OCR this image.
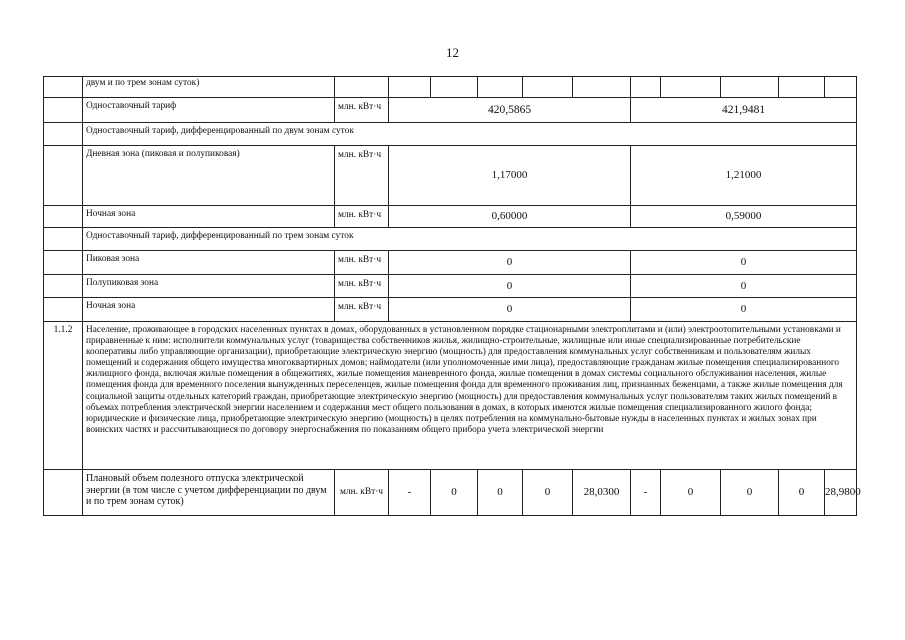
12
	двум и по трем зонам суток)											
	Одноставочный тариф	млн. кВт·ч	420,5865					421,9481				
	Одноставочный тариф, дифференцированный по двум зонам суток											
	Дневная зона (пиковая и полупиковая)	млн. кВт·ч	1,17000					1,21000				
	Ночная зона	млн. кВт·ч	0,60000					0,59000				
	Одноставочный тариф, дифференцированный по трем зонам суток											
	Пиковая зона	млн. кВт·ч	0					0				
	Полупиковая зона	млн. кВт·ч	0					0				
	Ночная зона	млн. кВт·ч	0					0				
1.1.2	Население, проживающее в городских населенных пунктах в домах, оборудованных в установленном порядке стационарными электроплитами и (или) электроотопительными установками и приравненные к ним: исполнители коммунальных услуг (товарищества собственников жилья, жилищно-строительные, жилищные или иные специализированные потребительские кооперативы либо управляющие организации), приобретающие электрическую энергию (мощность) для предоставления коммунальных услуг собственникам и пользователям жилых помещений и содержания общего имущества многоквартирных домов; наймодатели (или уполномоченные ими лица), предоставляющие гражданам жилые помещения специализированного жилищного фонда, включая жилые помещения в общежитиях, жилые помещения маневренного фонда, жилые помещения в домах системы социального обслуживания населения, жилые помещения фонда для временного поселения вынужденных переселенцев, жилые помещения фонда для временного проживания лиц, признанных беженцами, а также жилые помещения для социальной защиты отдельных категорий граждан, приобретающие электрическую энергию (мощность) для предоставления коммунальных услуг пользователям таких жилых помещений в объемах потребления электрической энергии населением и содержания мест общего пользования в домах, в которых имеются жилые помещения специализированного жилого фонда; юридические и физические лица, приобретающие электрическую энергию (мощность) в целях потребления на коммунально-бытовые нужды в населенных пунктах и жилых зонах при воинских частях и рассчитывающиеся по договору энергоснабжения по показаниям общего прибора учета электрической энергии											
	Плановый объем полезного отпуска электрической энергии (в том числе с учетом дифференциации по двум и по трем зонам суток)	млн. кВт·ч	-	0	0	0	28,0300	-	0	0	0	28,9800
